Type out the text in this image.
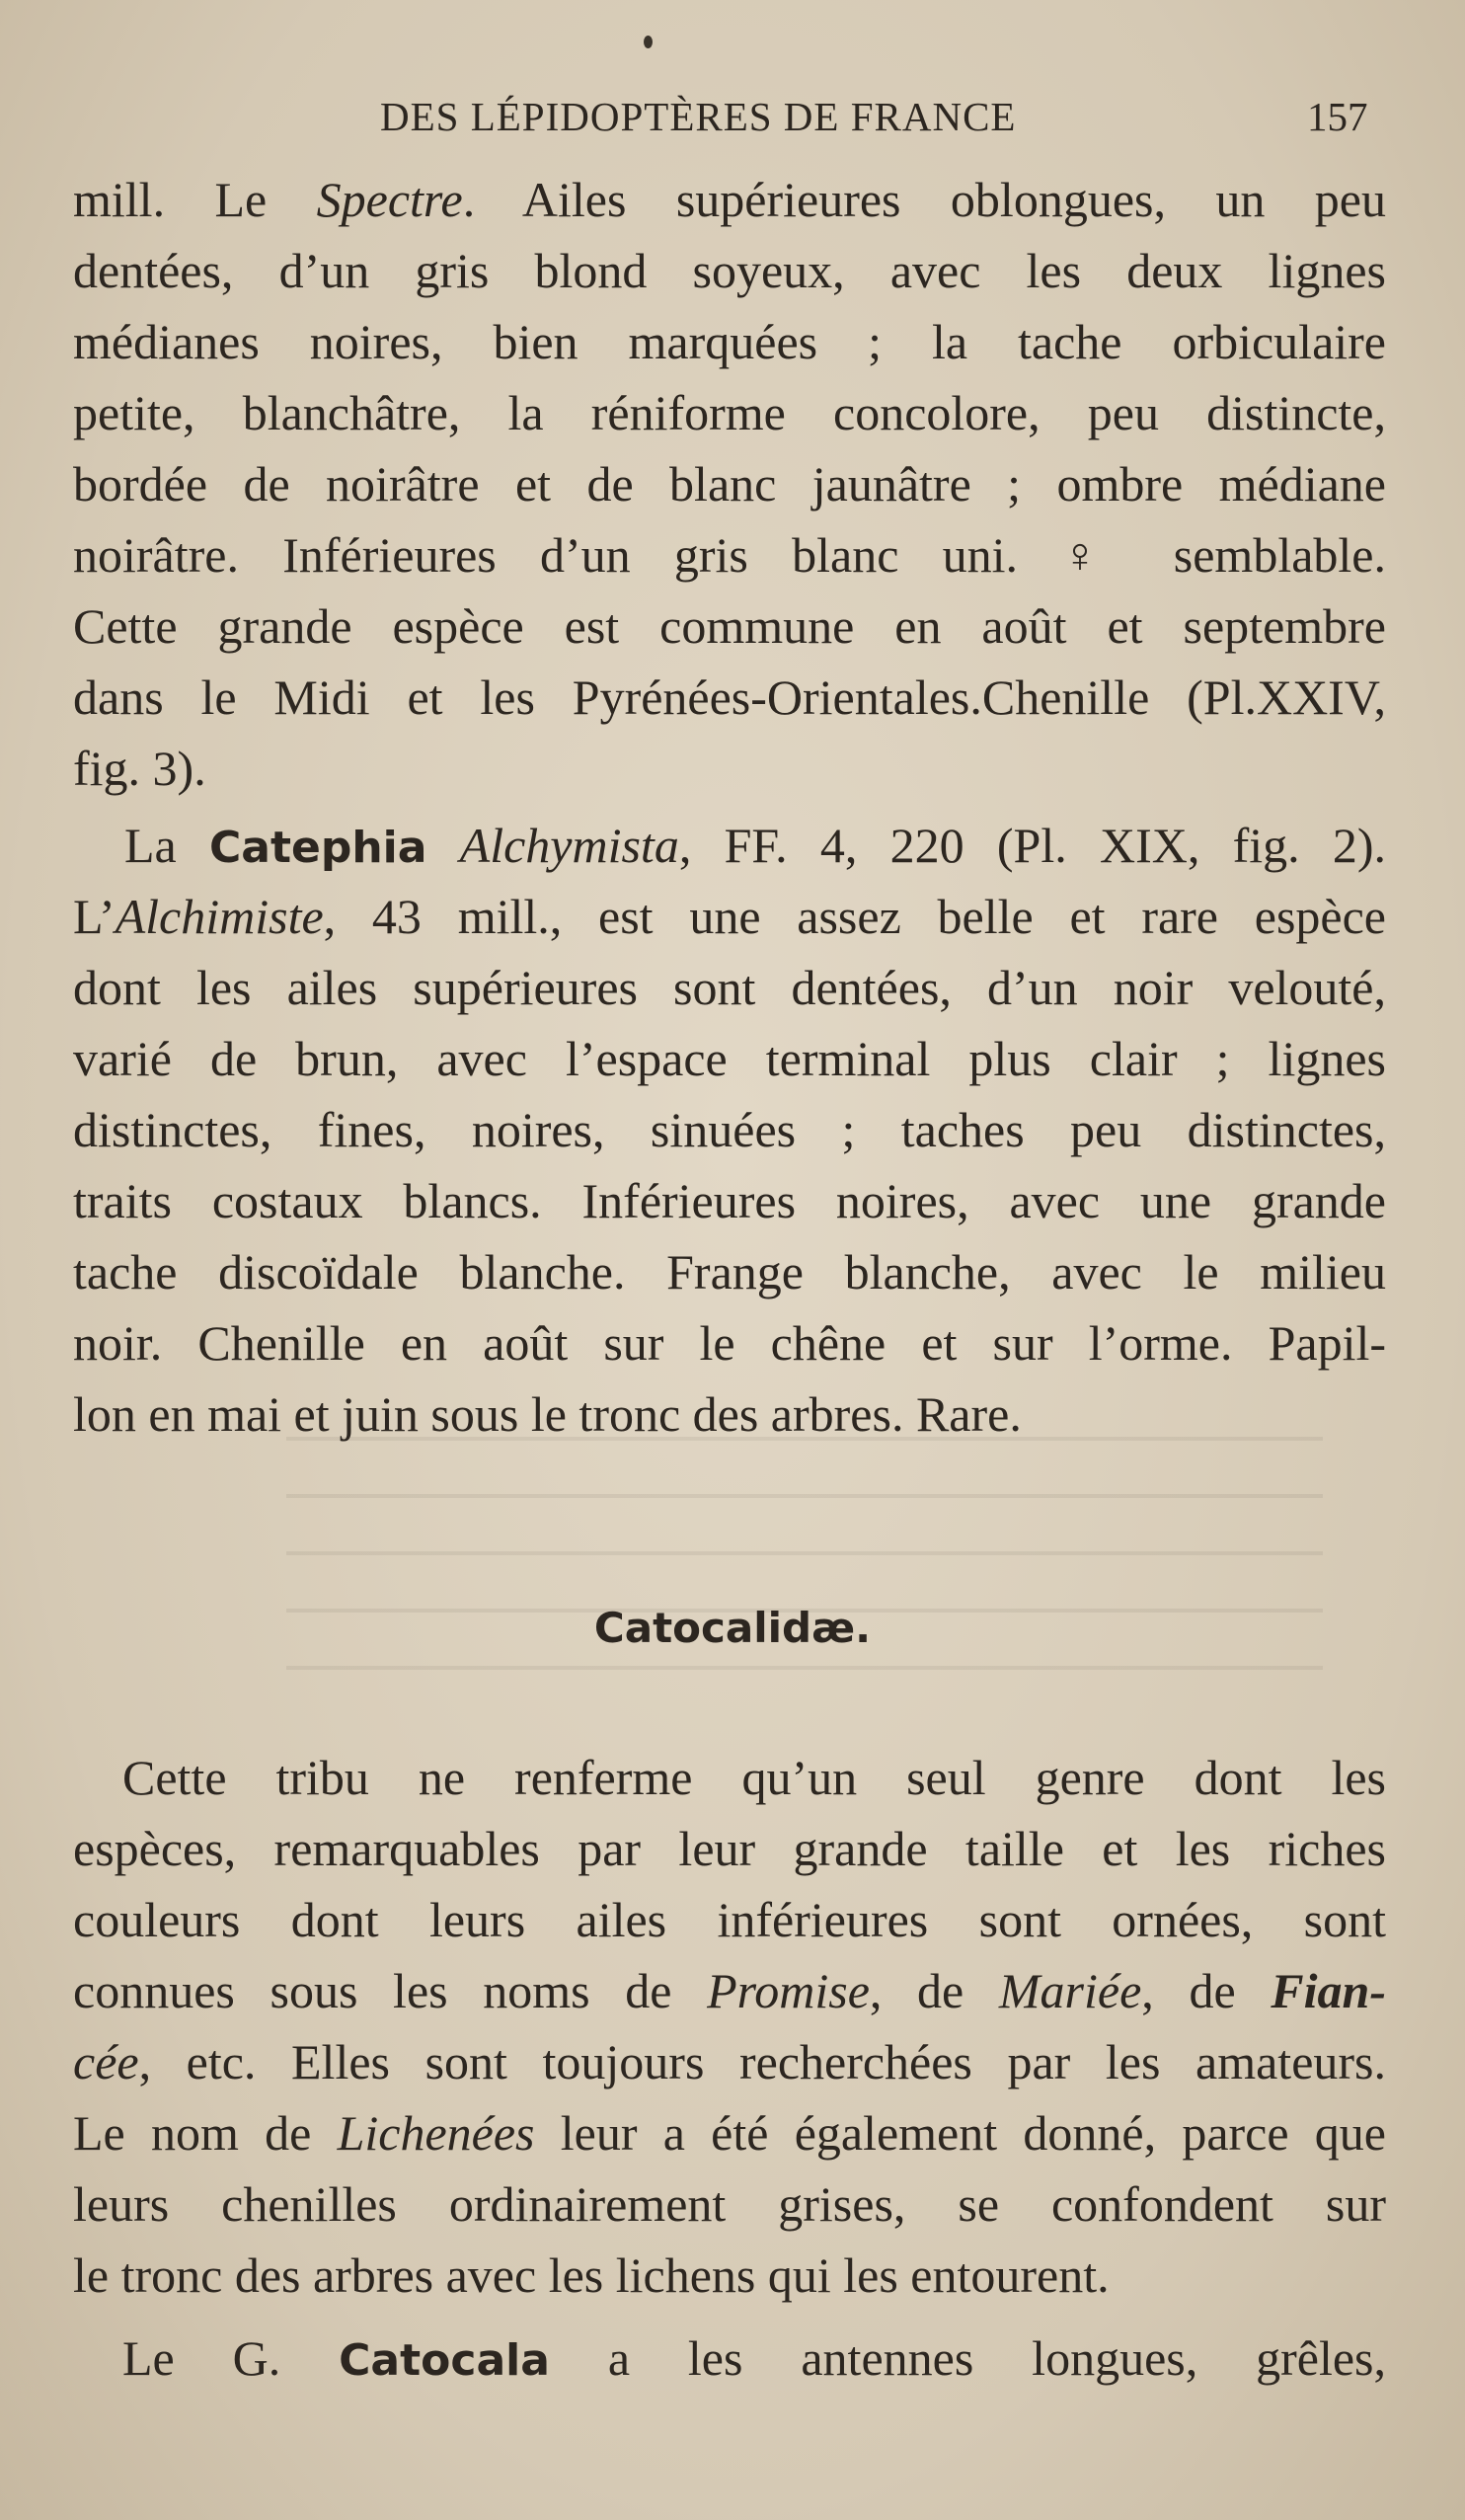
DES LÉPIDOPTÈRES DE FRANCE	157
mill. Le Spectre. Ailes supérieures oblongues, un peu
dentées, d’un gris blond soyeux, avec les deux lignes
médianes noires, bien marquées ; la tache orbiculaire
petite, blanchâtre, la réniforme concolore, peu distincte,
bordée de noirâtre et de blanc jaunâtre ; ombre médiane
noirâtre. Inférieures d’un gris blanc uni. ♀ semblable.
Cette grande espèce est commune en août et septembre
dans le Midi et les Pyrénées-Orientales.Chenille (Pl.XXIV,
fig. 3).
La Catephia Alchymista, FF. 4, 220 (Pl. XIX, fig. 2).
L’Alchimiste, 43 mill., est une assez belle et rare espèce
dont les ailes supérieures sont dentées, d’un noir velouté,
varié de brun, avec l’espace terminal plus clair ; lignes
distinctes, fines, noires, sinuées ; taches peu distinctes,
traits costaux blancs. Inférieures noires, avec une grande
tache discoïdale blanche. Frange blanche, avec le milieu
noir. Chenille en août sur le chêne et sur l’orme. Papil-
lon en mai et juin sous le tronc des arbres. Rare.
Catocalidæ.
Cette tribu ne renferme qu’un seul genre dont les
espèces, remarquables par leur grande taille et les riches
couleurs dont leurs ailes inférieures sont ornées, sont
connues sous les noms de Promise, de Mariée, de Fian-
cée, etc. Elles sont toujours recherchées par les amateurs.
Le nom de Lichenées leur a été également donné, parce que
leurs chenilles ordinairement grises, se confondent sur
le tronc des arbres avec les lichens qui les entourent.
Le G. Catocala a les antennes longues, grêles,
